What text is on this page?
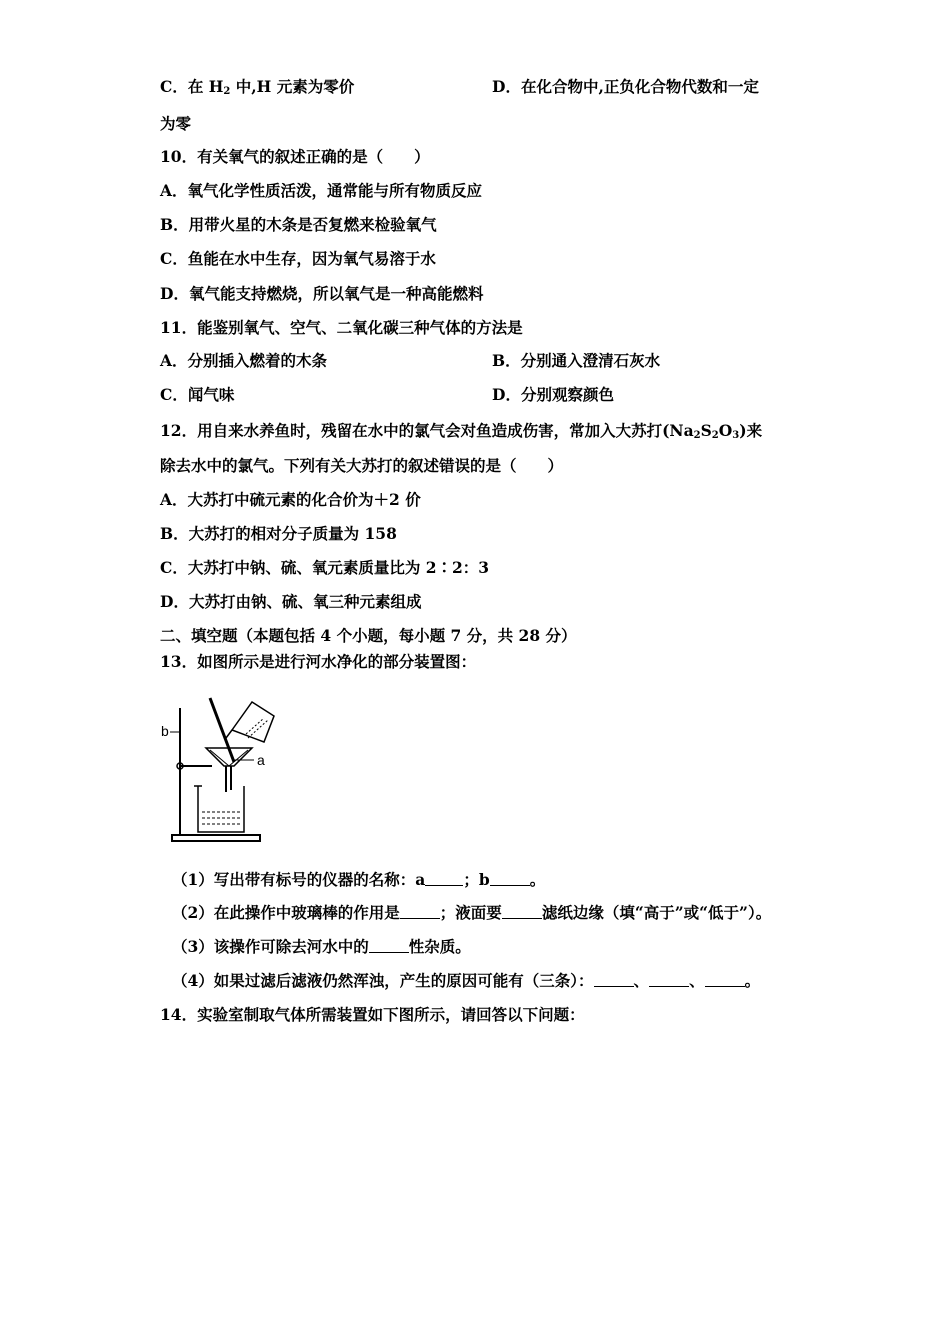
C．在 $H_2$ 中,H 元素为零价	D．在化合物中,正负化合物代数和一定
为零
10．有关氧气的叙述正确的是（　　）
A．氧气化学性质活泼，通常能与所有物质反应
B．用带火星的木条是否复燃来检验氧气
C．鱼能在水中生存，因为氧气易溶于水
D．氧气能支持燃烧，所以氧气是一种高能燃料
11．能鉴别氧气、空气、二氧化碳三种气体的方法是
A．分别插入燃着的木条	B．分别通入澄清石灰水
C．闻气味	D．分别观察颜色
12．用自来水养鱼时，残留在水中的氯气会对鱼造成伤害，常加入大苏打$(Na_2S_2O_3)$来
除去水中的氯气。下列有关大苏打的叙述错误的是（　　）
A．大苏打中硫元素的化合价为＋2 价
B．大苏打的相对分子质量为 158
C．大苏打中钠、硫、氧元素质量比为 2∶2：3
D．大苏打由钠、硫、氧三种元素组成
二、填空题（本题包括 4 个小题，每小题 7 分，共 28 分）
13．如图所示是进行河水净化的部分装置图：
b
a
（1）写出带有标号的仪器的名称：a ；b	。
（2）在此操作中玻璃棒的作用是	；液面要	滤纸边缘（填“高于”或“低于”）。
（3）该操作可除去河水中的	性杂质。
（4）如果过滤后滤液仍然浑浊，产生的原因可能有（三条）：	、	、	。
14．实验室制取气体所需装置如下图所示，请回答以下问题：
